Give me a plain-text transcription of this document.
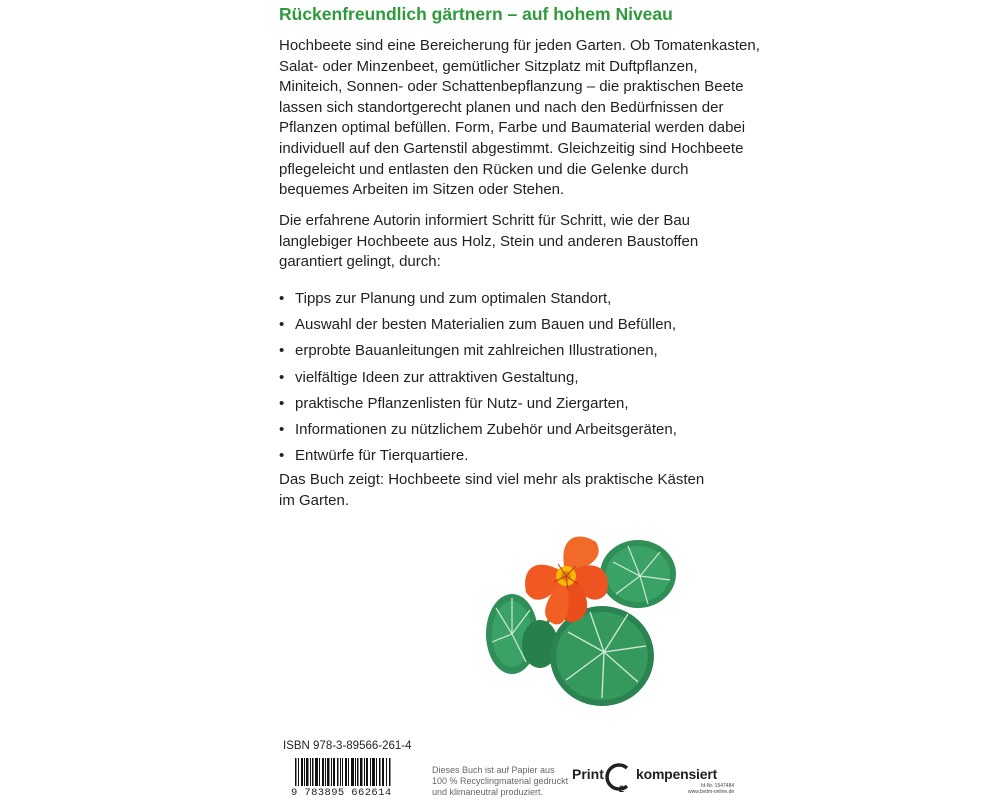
Rückenfreundlich gärtnern – auf hohem Niveau

Hochbeete sind eine Bereicherung für jeden Garten. Ob Tomatenkasten,
Salat- oder Minzenbeet, gemütlicher Sitzplatz mit Duftpflanzen,
Miniteich, Sonnen- oder Schattenbepflanzung – die praktischen Beete
lassen sich standortgerecht planen und nach den Bedürfnissen der
Pflanzen optimal befüllen. Form, Farbe und Baumaterial werden dabei
individuell auf den Gartenstil abgestimmt. Gleichzeitig sind Hochbeete
pflegeleicht und entlasten den Rücken und die Gelenke durch
bequemes Arbeiten im Sitzen oder Stehen.

Die erfahrene Autorin informiert Schritt für Schritt, wie der Bau
langlebiger Hochbeete aus Holz, Stein und anderen Baustoffen
garantiert gelingt, durch:

• Tipps zur Planung und zum optimalen Standort,
• Auswahl der besten Materialien zum Bauen und Befüllen,
• erprobte Bauanleitungen mit zahlreichen Illustrationen,
• vielfältige Ideen zur attraktiven Gestaltung,
• praktische Pflanzenlisten für Nutz- und Ziergarten,
• Informationen zu nützlichem Zubehör und Arbeitsgeräten,
• Entwürfe für Tierquartiere.

Das Buch zeigt: Hochbeete sind viel mehr als praktische Kästen
im Garten.

ISBN 978-3-89566-261-4
9 783895 662614
Dieses Buch ist auf Papier aus
100 % Recyclingmaterial gedruckt
und klimaneutral produziert.
Print
2
kompensiert
Id-Nr. 1547484
www.bvdm-online.de
